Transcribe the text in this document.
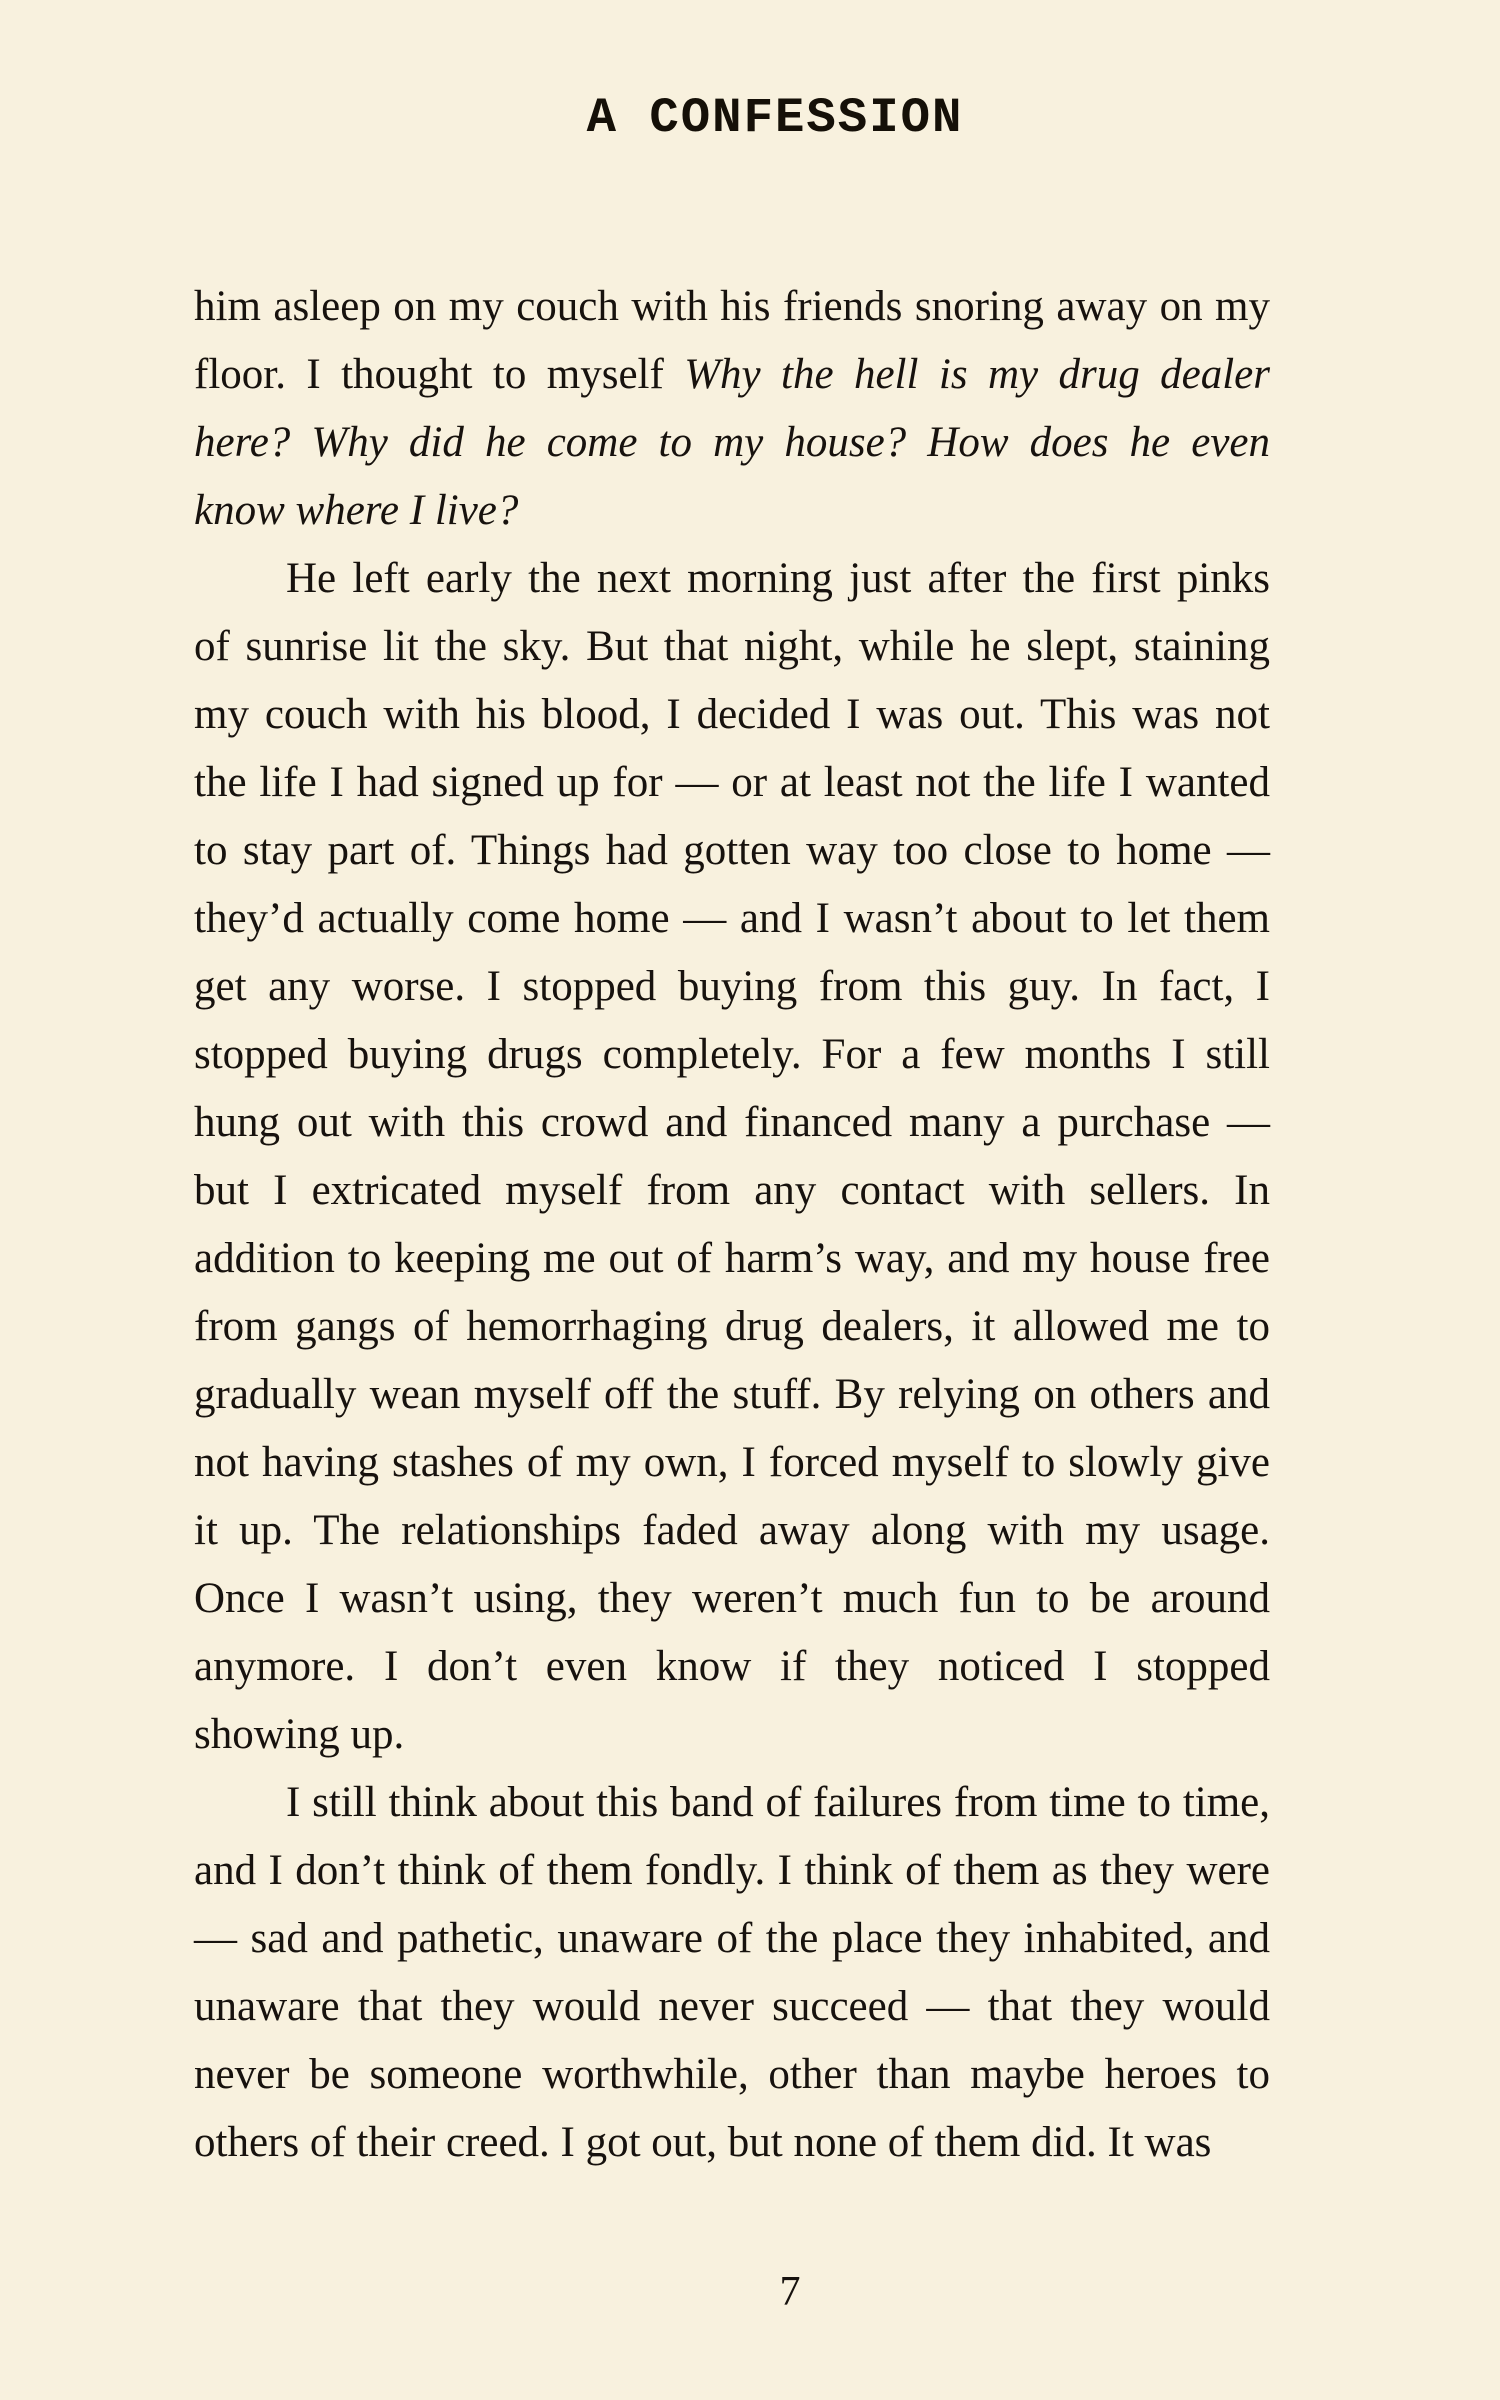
A CONFESSION
him asleep on my couch with his friends snoring away on my
floor. I thought to myself Why the hell is my drug dealer
here? Why did he come to my house? How does he even
know where I live?
He left early the next morning just after the first pinks
of sunrise lit the sky. But that night, while he slept, staining
my couch with his blood, I decided I was out. This was not
the life I had signed up for — or at least not the life I wanted
to stay part of. Things had gotten way too close to home —
they’d actually come home — and I wasn’t about to let them
get any worse. I stopped buying from this guy. In fact, I
stopped buying drugs completely. For a few months I still
hung out with this crowd and financed many a purchase —
but I extricated myself from any contact with sellers. In
addition to keeping me out of harm’s way, and my house free
from gangs of hemorrhaging drug dealers, it allowed me to
gradually wean myself off the stuff. By relying on others and
not having stashes of my own, I forced myself to slowly give
it up. The relationships faded away along with my usage.
Once I wasn’t using, they weren’t much fun to be around
anymore. I don’t even know if they noticed I stopped
showing up.
I still think about this band of failures from time to time,
and I don’t think of them fondly. I think of them as they were
— sad and pathetic, unaware of the place they inhabited, and
unaware that they would never succeed — that they would
never be someone worthwhile, other than maybe heroes to
others of their creed. I got out, but none of them did. It was
7
